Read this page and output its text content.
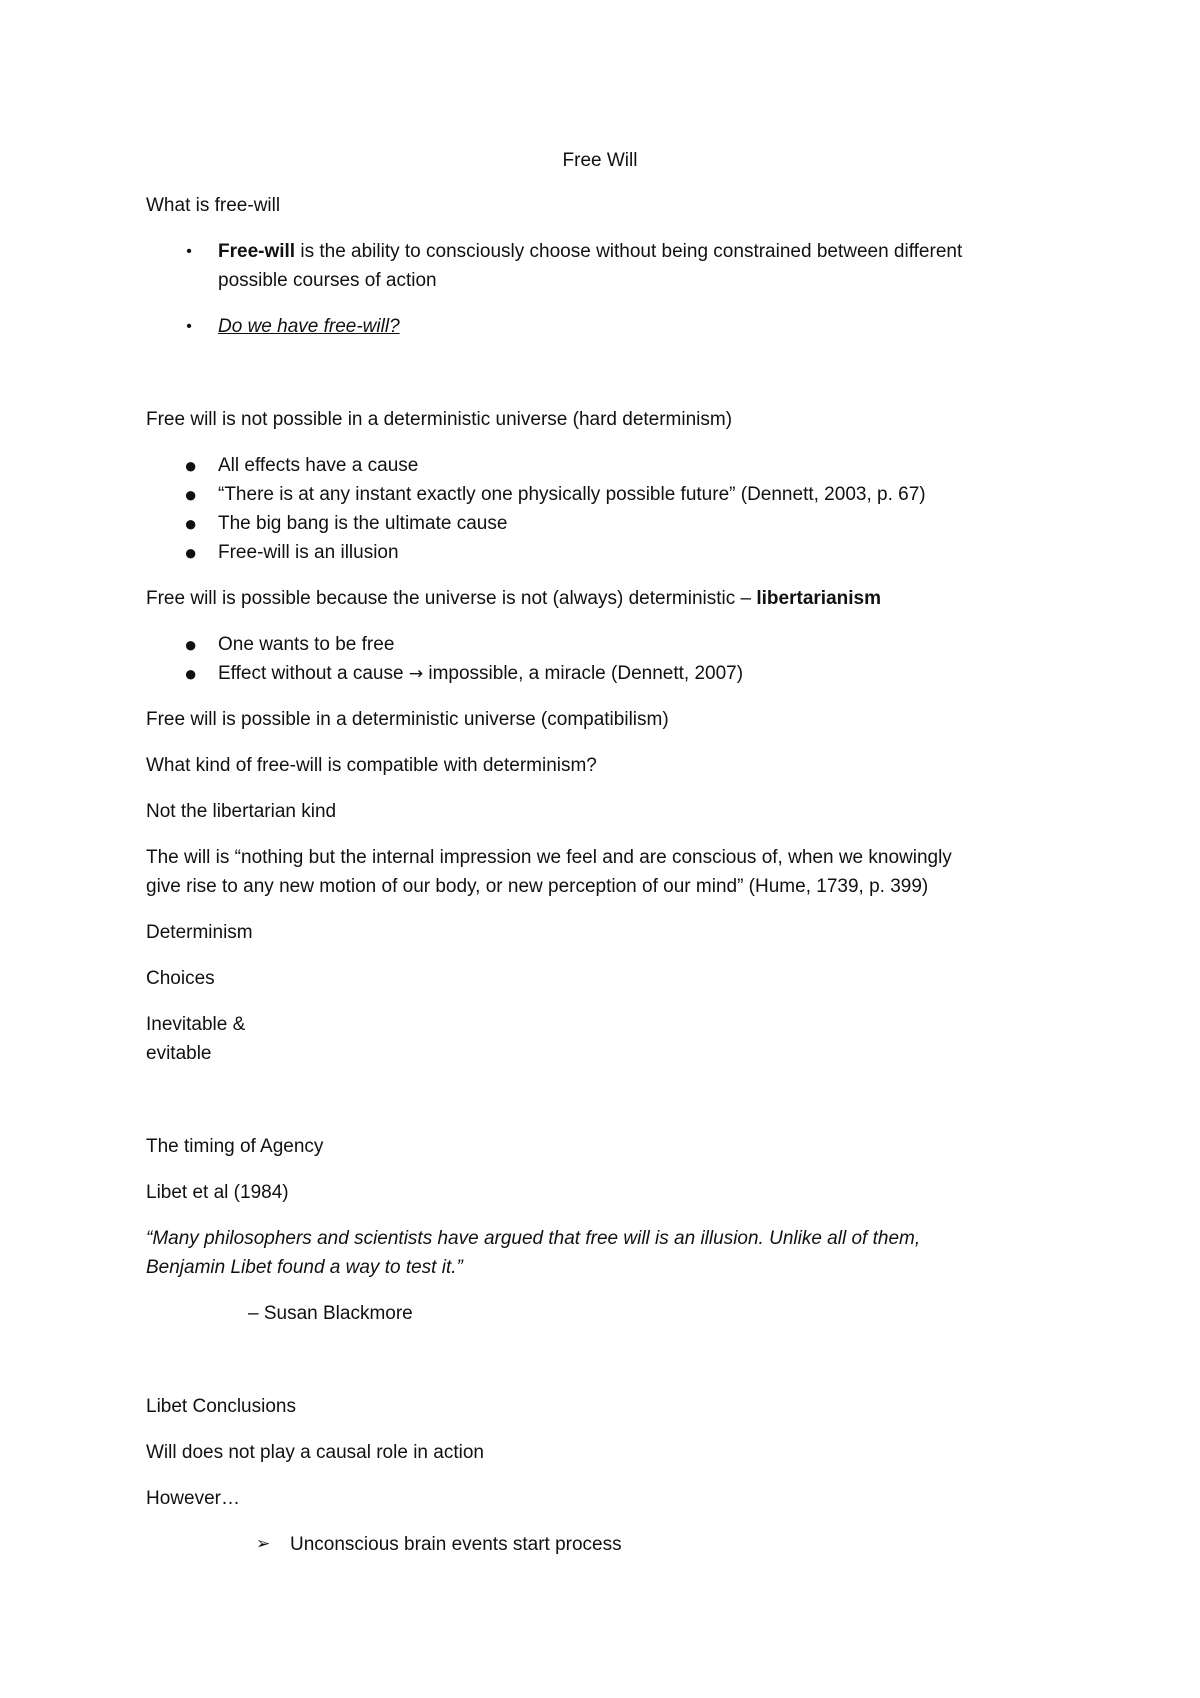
Free Will
What is free-will
• Free-will is the ability to consciously choose without being constrained between different
possible courses of action
• Do we have free-will?
Free will is not possible in a deterministic universe (hard determinism)
● All effects have a cause
● “There is at any instant exactly one physically possible future” (Dennett, 2003, p. 67)
● The big bang is the ultimate cause
● Free-will is an illusion
Free will is possible because the universe is not (always) deterministic – libertarianism
● One wants to be free
● Effect without a cause → impossible, a miracle (Dennett, 2007)
Free will is possible in a deterministic universe (compatibilism)
What kind of free-will is compatible with determinism?
Not the libertarian kind
The will is “nothing but the internal impression we feel and are conscious of, when we knowingly
give rise to any new motion of our body, or new perception of our mind” (Hume, 1739, p. 399)
Determinism
Choices
Inevitable &
evitable
The timing of Agency
Libet et al (1984)
“Many philosophers and scientists have argued that free will is an illusion. Unlike all of them,
Benjamin Libet found a way to test it.”
– Susan Blackmore
Libet Conclusions
Will does not play a causal role in action
However…
➢ Unconscious brain events start process
